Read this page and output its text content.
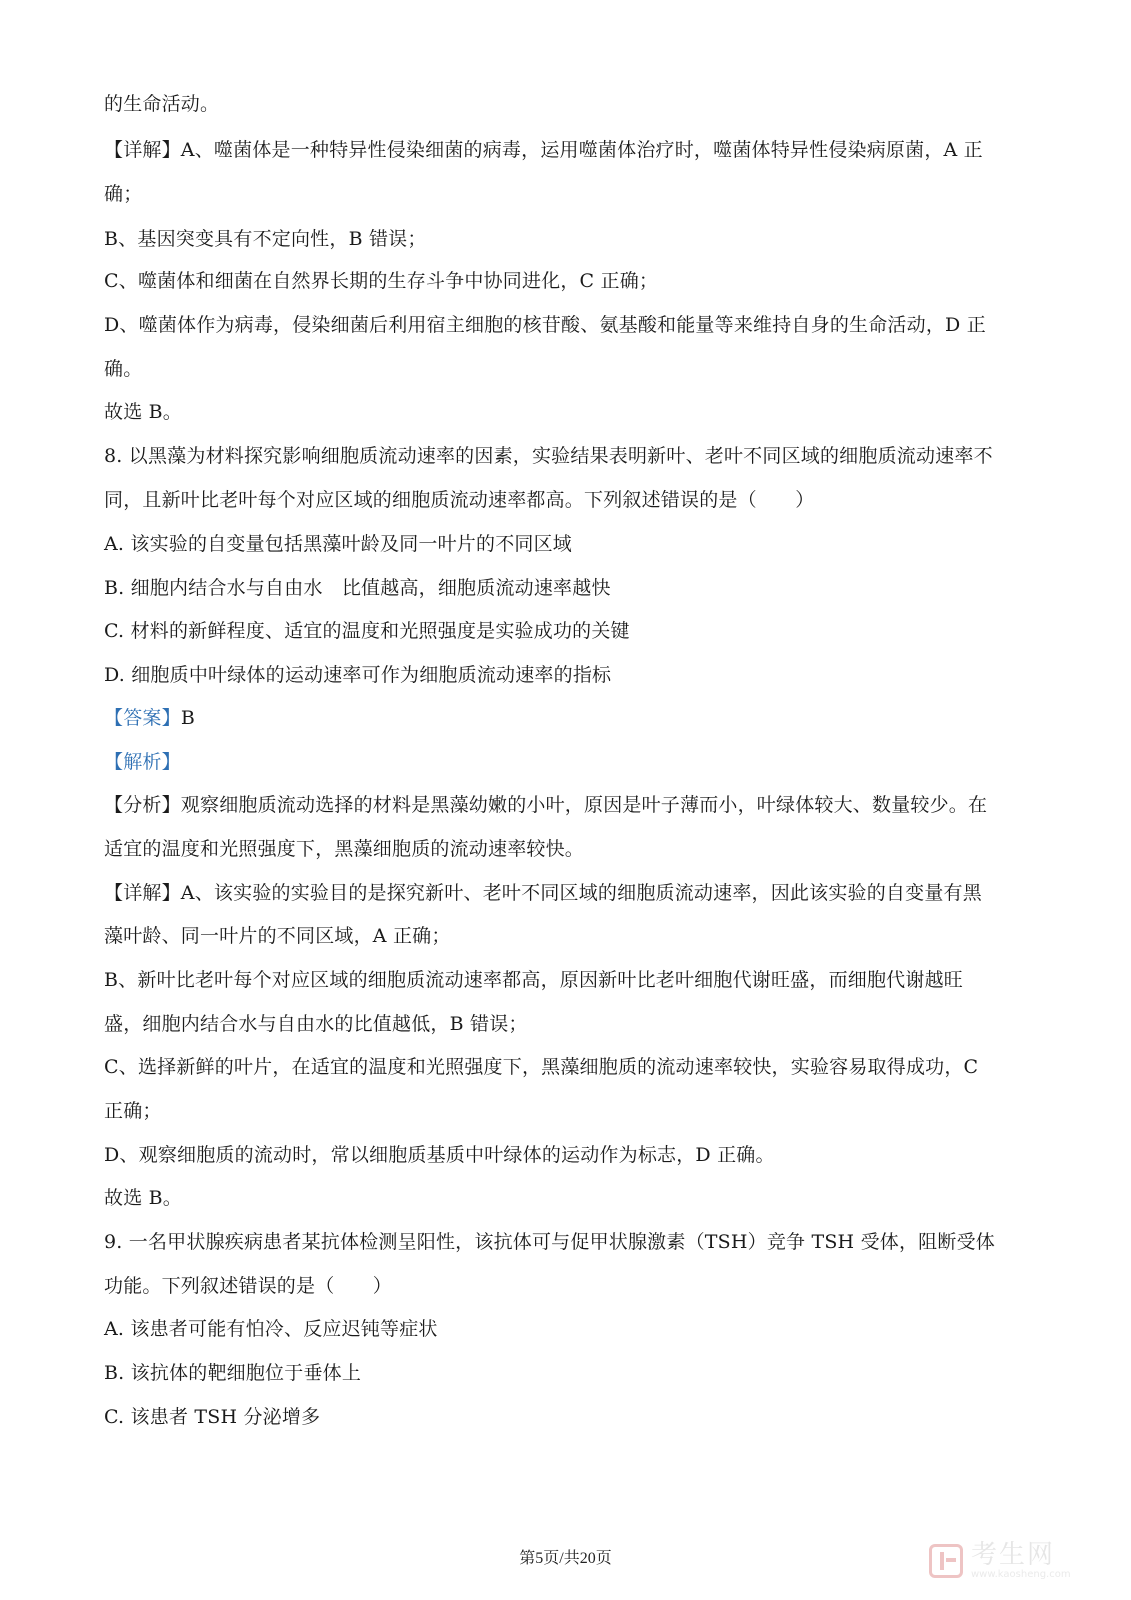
的生命活动。
【详解】A、噬菌体是一种特异性侵染细菌的病毒，运用噬菌体治疗时，噬菌体特异性侵染病原菌，A 正
确；
B、基因突变具有不定向性，B 错误；
C、噬菌体和细菌在自然界长期的生存斗争中协同进化，C 正确；
D、噬菌体作为病毒，侵染细菌后利用宿主细胞的核苷酸、氨基酸和能量等来维持自身的生命活动，D 正
确。
故选 B。
8. 以黑藻为材料探究影响细胞质流动速率的因素，实验结果表明新叶、老叶不同区域的细胞质流动速率不
同，且新叶比老叶每个对应区域的细胞质流动速率都高。下列叙述错误的是（　　）
A. 该实验的自变量包括黑藻叶龄及同一叶片的不同区域
B. 细胞内结合水与自由水　比值越高，细胞质流动速率越快
C. 材料的新鲜程度、适宜的温度和光照强度是实验成功的关键
D. 细胞质中叶绿体的运动速率可作为细胞质流动速率的指标
【答案】B
【解析】
【分析】观察细胞质流动选择的材料是黑藻幼嫩的小叶，原因是叶子薄而小，叶绿体较大、数量较少。在
适宜的温度和光照强度下，黑藻细胞质的流动速率较快。
【详解】A、该实验的实验目的是探究新叶、老叶不同区域的细胞质流动速率，因此该实验的自变量有黑
藻叶龄、同一叶片的不同区域，A 正确；
B、新叶比老叶每个对应区域的细胞质流动速率都高，原因新叶比老叶细胞代谢旺盛，而细胞代谢越旺
盛，细胞内结合水与自由水的比值越低，B 错误；
C、选择新鲜的叶片，在适宜的温度和光照强度下，黑藻细胞质的流动速率较快，实验容易取得成功，C
正确；
D、观察细胞质的流动时，常以细胞质基质中叶绿体的运动作为标志，D 正确。
故选 B。
9. 一名甲状腺疾病患者某抗体检测呈阳性，该抗体可与促甲状腺激素（TSH）竞争 TSH 受体，阻断受体
功能。下列叙述错误的是（　　）
A. 该患者可能有怕冷、反应迟钝等症状
B. 该抗体的靶细胞位于垂体上
C. 该患者 TSH 分泌增多
第5页/共20页	考生网
www.kaosheng.com
